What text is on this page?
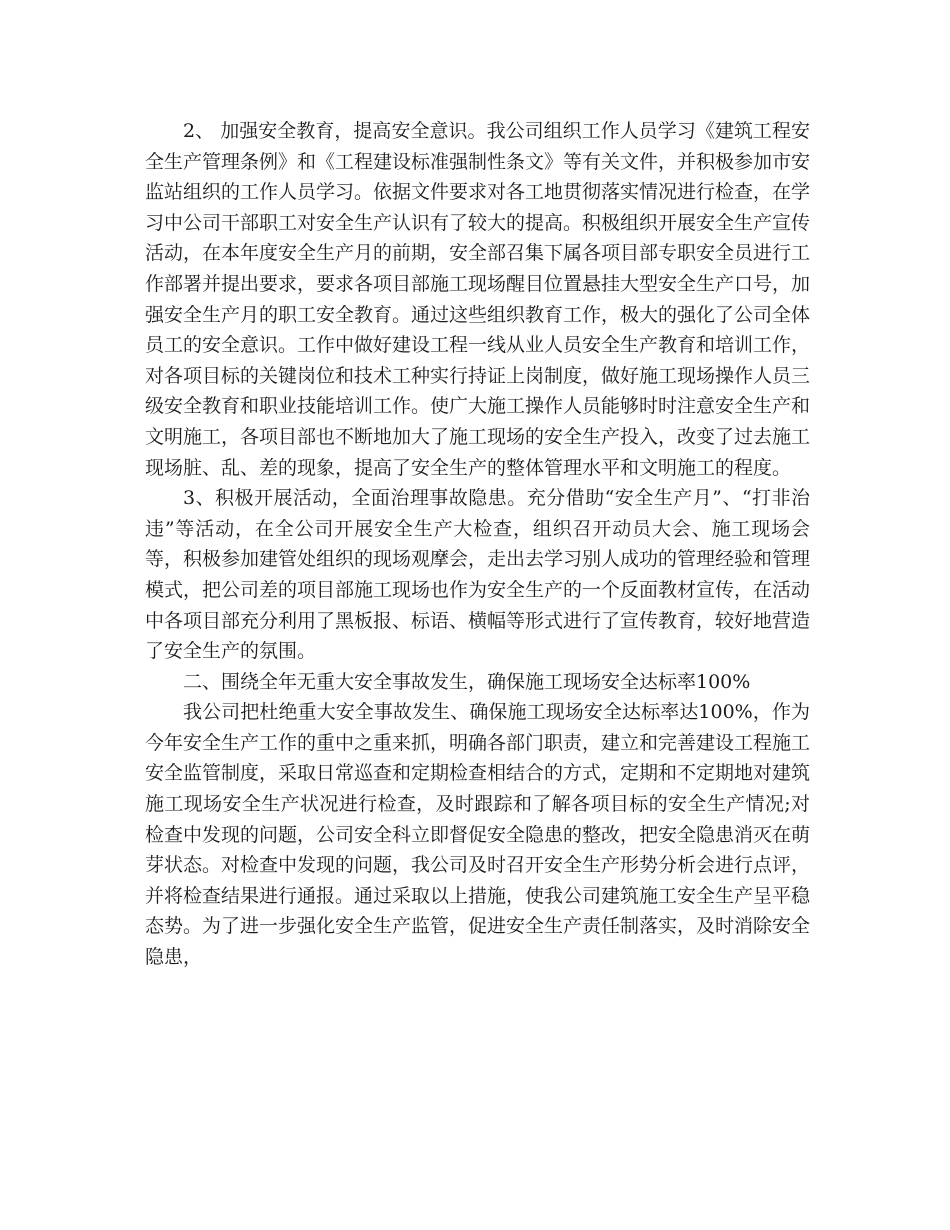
2、 加强安全教育，提高安全意识。我公司组织工作人员学习《建筑工程安全生产管理条例》和《工程建设标准强制性条文》等有关文件，并积极参加市安监站组织的工作人员学习。依据文件要求对各工地贯彻落实情况进行检查，在学习中公司干部职工对安全生产认识有了较大的提高。积极组织开展安全生产宣传活动，在本年度安全生产月的前期，安全部召集下属各项目部专职安全员进行工作部署并提出要求，要求各项目部施工现场醒目位置悬挂大型安全生产口号，加强安全生产月的职工安全教育。通过这些组织教育工作，极大的强化了公司全体员工的安全意识。工作中做好建设工程一线从业人员安全生产教育和培训工作，对各项目标的关键岗位和技术工种实行持证上岗制度，做好施工现场操作人员三级安全教育和职业技能培训工作。使广大施工操作人员能够时时注意安全生产和文明施工，各项目部也不断地加大了施工现场的安全生产投入，改变了过去施工现场脏、乱、差的现象，提高了安全生产的整体管理水平和文明施工的程度。

3、积极开展活动，全面治理事故隐患。充分借助“安全生产月”、“打非治违”等活动，在全公司开展安全生产大检查，组织召开动员大会、施工现场会等，积极参加建管处组织的现场观摩会，走出去学习别人成功的管理经验和管理模式，把公司差的项目部施工现场也作为安全生产的一个反面教材宣传，在活动中各项目部充分利用了黑板报、标语、横幅等形式进行了宣传教育，较好地营造了安全生产的氛围。

二、围绕全年无重大安全事故发生，确保施工现场安全达标率100%

我公司把杜绝重大安全事故发生、确保施工现场安全达标率达100%，作为今年安全生产工作的重中之重来抓，明确各部门职责，建立和完善建设工程施工安全监管制度，采取日常巡查和定期检查相结合的方式，定期和不定期地对建筑施工现场安全生产状况进行检查，及时跟踪和了解各项目标的安全生产情况;对检查中发现的问题，公司安全科立即督促安全隐患的整改，把安全隐患消灭在萌芽状态。对检查中发现的问题，我公司及时召开安全生产形势分析会进行点评，并将检查结果进行通报。通过采取以上措施，使我公司建筑施工安全生产呈平稳态势。为了进一步强化安全生产监管，促进安全生产责任制落实，及时消除安全隐患，
